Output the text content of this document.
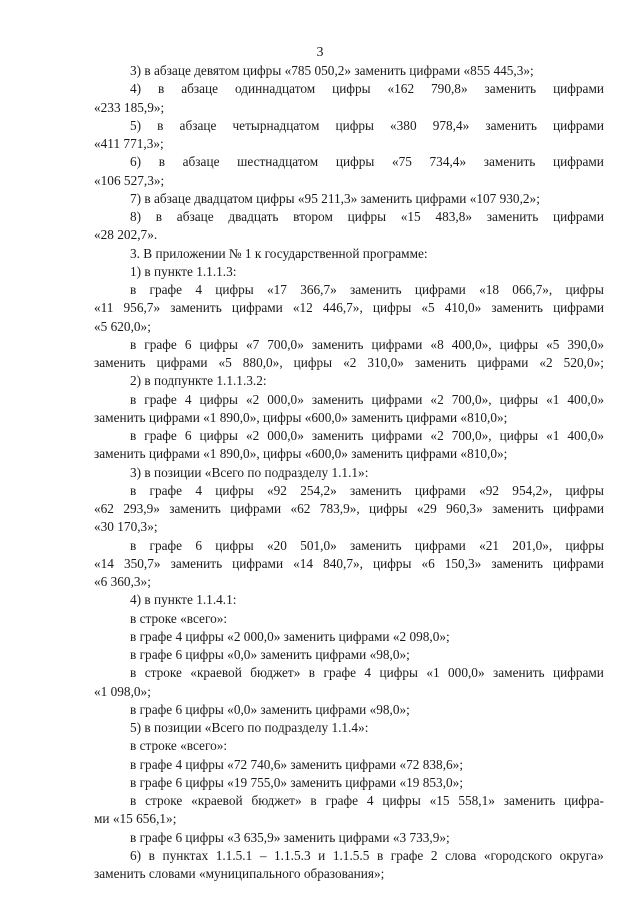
3
3) в абзаце девятом цифры «785 050,2» заменить цифрами «855 445,3»;
4) в абзаце одиннадцатом цифры «162 790,8» заменить цифрами
«233 185,9»;
5) в абзаце четырнадцатом цифры «380 978,4» заменить цифрами
«411 771,3»;
6) в абзаце шестнадцатом цифры «75 734,4» заменить цифрами
«106 527,3»;
7) в абзаце двадцатом цифры «95 211,3» заменить цифрами «107 930,2»;
8) в абзаце двадцать втором цифры «15 483,8» заменить цифрами
«28 202,7».
3. В приложении № 1 к государственной программе:
1) в пункте 1.1.1.3:
в графе 4 цифры «17 366,7» заменить цифрами «18 066,7», цифры
«11 956,7» заменить цифрами «12 446,7», цифры «5 410,0» заменить цифрами
«5 620,0»;
в графе 6 цифры «7 700,0» заменить цифрами «8 400,0», цифры «5 390,0»
заменить цифрами «5 880,0», цифры «2 310,0» заменить цифрами «2 520,0»;
2) в подпункте 1.1.1.3.2:
в графе 4 цифры «2 000,0» заменить цифрами «2 700,0», цифры «1 400,0»
заменить цифрами «1 890,0», цифры «600,0» заменить цифрами «810,0»;
в графе 6 цифры «2 000,0» заменить цифрами «2 700,0», цифры «1 400,0»
заменить цифрами «1 890,0», цифры «600,0» заменить цифрами «810,0»;
3) в позиции «Всего по подразделу 1.1.1»:
в графе 4 цифры «92 254,2» заменить цифрами «92 954,2», цифры
«62 293,9» заменить цифрами «62 783,9», цифры «29 960,3» заменить цифрами
«30 170,3»;
в графе 6 цифры «20 501,0» заменить цифрами «21 201,0», цифры
«14 350,7» заменить цифрами «14 840,7», цифры «6 150,3» заменить цифрами
«6 360,3»;
4) в пункте 1.1.4.1:
в строке «всего»:
в графе 4 цифры «2 000,0» заменить цифрами «2 098,0»;
в графе 6 цифры «0,0» заменить цифрами «98,0»;
в строке «краевой бюджет» в графе 4 цифры «1 000,0» заменить цифрами
«1 098,0»;
в графе 6 цифры «0,0» заменить цифрами «98,0»;
5) в позиции «Всего по подразделу 1.1.4»:
в строке «всего»:
в графе 4 цифры «72 740,6» заменить цифрами «72 838,6»;
в графе 6 цифры «19 755,0» заменить цифрами «19 853,0»;
в строке «краевой бюджет» в графе 4 цифры «15 558,1» заменить цифра-
ми «15 656,1»;
в графе 6 цифры «3 635,9» заменить цифрами «3 733,9»;
6) в пунктах 1.1.5.1 – 1.1.5.3 и 1.1.5.5 в графе 2 слова «городского округа»
заменить словами «муниципального образования»;
